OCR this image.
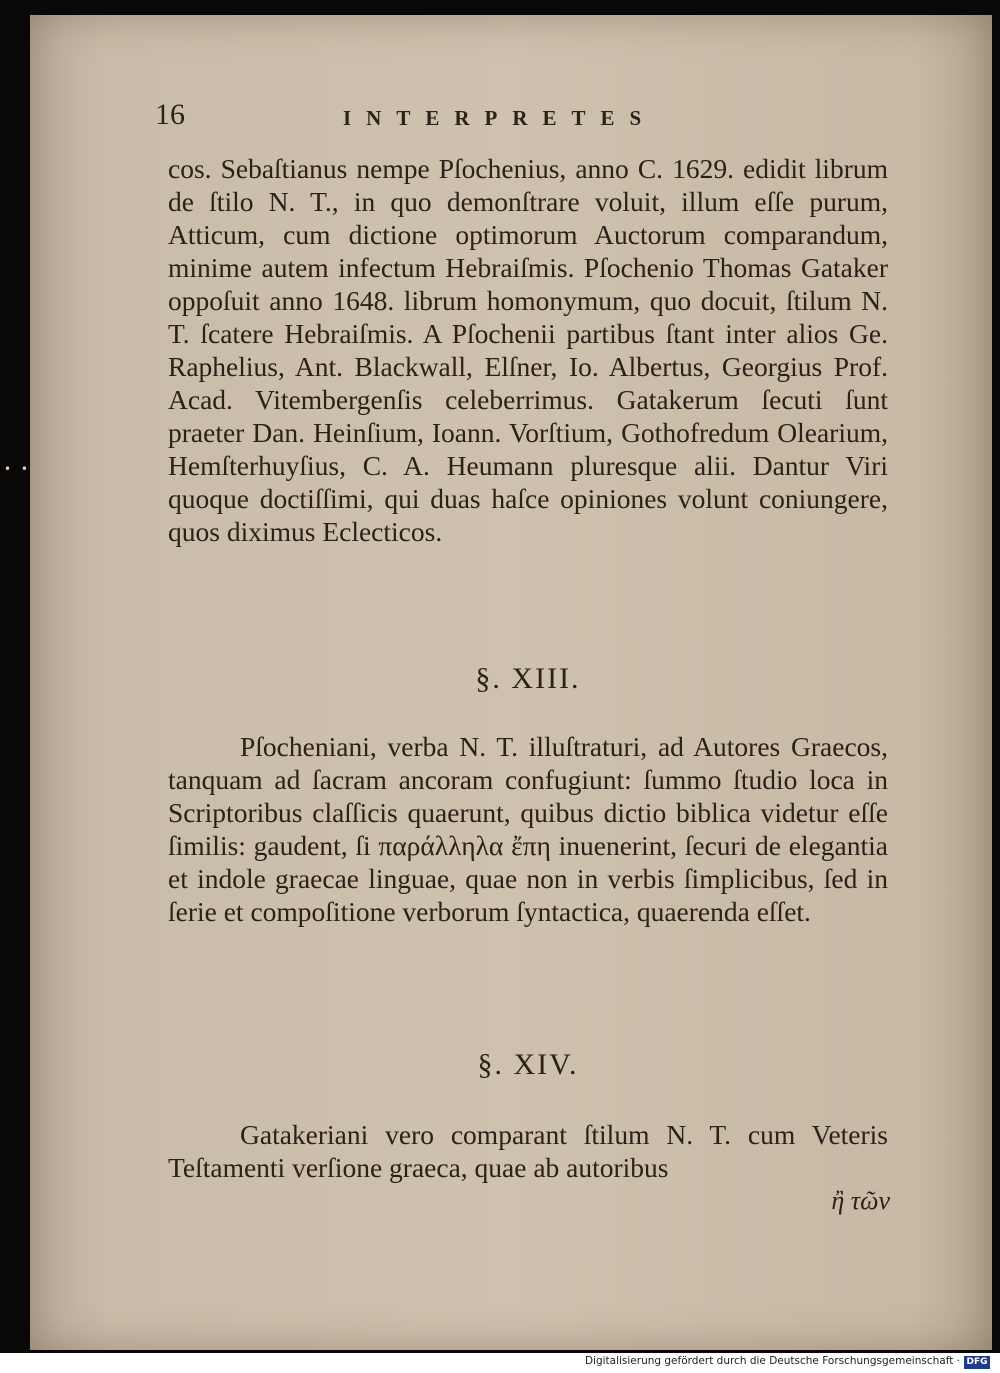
• •
16	INTERPRETES

cos. Sebaſtianus nempe Pſochenius, anno C. 1629. edidit librum de ſtilo N. T., in quo demonſtrare voluit, illum eſſe purum, Atticum, cum dictione optimorum Auctorum comparandum, minime autem infectum Hebraiſmis. Pſochenio Thomas Gataker oppoſuit anno 1648. librum homonymum, quo docuit, ſtilum N. T. ſcatere Hebraiſmis. A Pſochenii partibus ſtant inter alios Ge. Raphelius, Ant. Blackwall, Elſner, Io. Albertus, Georgius Prof. Acad. Vitembergenſis celeberrimus. Gatakerum ſecuti ſunt praeter Dan. Heinſium, Ioann. Vorſtium, Gothofredum Olearium, Hemſterhuyſius, C. A. Heumann pluresque alii. Dantur Viri quoque doctiſſimi, qui duas haſce opiniones volunt coniungere, quos diximus Eclecticos.

§. XIII.

Pſocheniani, verba N. T. illuſtraturi, ad Autores Graecos, tanquam ad ſacram ancoram confugiunt: ſummo ſtudio loca in Scriptoribus claſſicis quaerunt, quibus dictio biblica videtur eſſe ſimilis: gaudent, ſi παράλληλα ἔπη inuenerint, ſecuri de elegantia et indole graecae linguae, quae non in verbis ſimplicibus, ſed in ſerie et compoſitione verborum ſyntactica, quaerenda eſſet.

§. XIV.

Gatakeriani vero comparant ſtilum N. T. cum Veteris Teſtamenti verſione graeca, quae ab autoribus

ἢ τῶν
Digitalisierung gefördert durch die Deutsche Forschungsgemeinschaft · DFG
